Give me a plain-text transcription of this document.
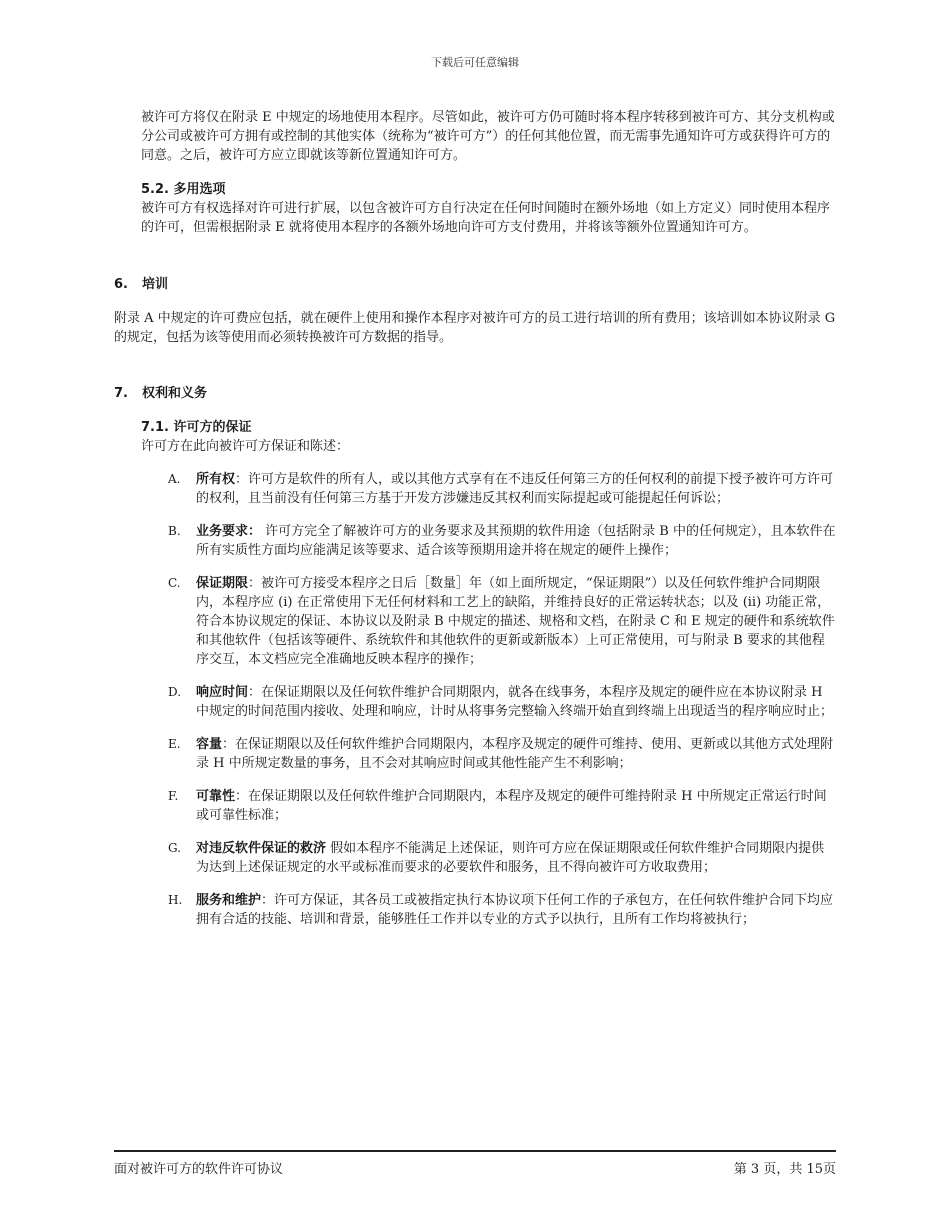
下载后可任意编辑

被许可方将仅在附录 E 中规定的场地使用本程序。尽管如此，被许可方仍可随时将本程序转移到被许可方、其分支机构或分公司或被许可方拥有或控制的其他实体（统称为“被许可方”）的任何其他位置，而无需事先通知许可方或获得许可方的同意。之后，被许可方应立即就该等新位置通知许可方。

5.2. 多用选项

被许可方有权选择对许可进行扩展，以包含被许可方自行决定在任何时间随时在额外场地（如上方定义）同时使用本程序的许可，但需根据附录 E 就将使用本程序的各额外场地向许可方支付费用，并将该等额外位置通知许可方。

6.	培训

附录 A 中规定的许可费应包括，就在硬件上使用和操作本程序对被许可方的员工进行培训的所有费用；该培训如本协议附录 G 的规定，包括为该等使用而必须转换被许可方数据的指导。

7.	权利和义务

7.1. 许可方的保证

许可方在此向被许可方保证和陈述：

A.	所有权：许可方是软件的所有人，或以其他方式享有在不违反任何第三方的任何权利的前提下授予被许可方许可的权利，且当前没有任何第三方基于开发方涉嫌违反其权利而实际提起或可能提起任何诉讼；
B.	业务要求： 许可方完全了解被许可方的业务要求及其预期的软件用途（包括附录 B 中的任何规定），且本软件在所有实质性方面均应能满足该等要求、适合该等预期用途并将在规定的硬件上操作；
C.	保证期限：被许可方接受本程序之日后［数量］年（如上面所规定，“保证期限”）以及任何软件维护合同期限内，本程序应 (i) 在正常使用下无任何材料和工艺上的缺陷，并维持良好的正常运转状态；以及 (ii) 功能正常，符合本协议规定的保证、本协议以及附录 B 中规定的描述、规格和文档，在附录 C 和 E 规定的硬件和系统软件和其他软件（包括该等硬件、系统软件和其他软件的更新或新版本）上可正常使用，可与附录 B 要求的其他程序交互，本文档应完全准确地反映本程序的操作；
D.	响应时间：在保证期限以及任何软件维护合同期限内，就各在线事务，本程序及规定的硬件应在本协议附录 H 中规定的时间范围内接收、处理和响应，计时从将事务完整输入终端开始直到终端上出现适当的程序响应时止；
E.	容量：在保证期限以及任何软件维护合同期限内，本程序及规定的硬件可维持、使用、更新或以其他方式处理附录 H 中所规定数量的事务，且不会对其响应时间或其他性能产生不利影响；
F.	可靠性：在保证期限以及任何软件维护合同期限内，本程序及规定的硬件可维持附录 H 中所规定正常运行时间或可靠性标准；
G.	对违反软件保证的救济 假如本程序不能满足上述保证，则许可方应在保证期限或任何软件维护合同期限内提供为达到上述保证规定的水平或标准而要求的必要软件和服务，且不得向被许可方收取费用；
H.	服务和维护：许可方保证，其各员工或被指定执行本协议项下任何工作的子承包方，在任何软件维护合同下均应拥有合适的技能、培训和背景，能够胜任工作并以专业的方式予以执行，且所有工作均将被执行；
面对被许可方的软件许可协议	第 3 页，共 15页
